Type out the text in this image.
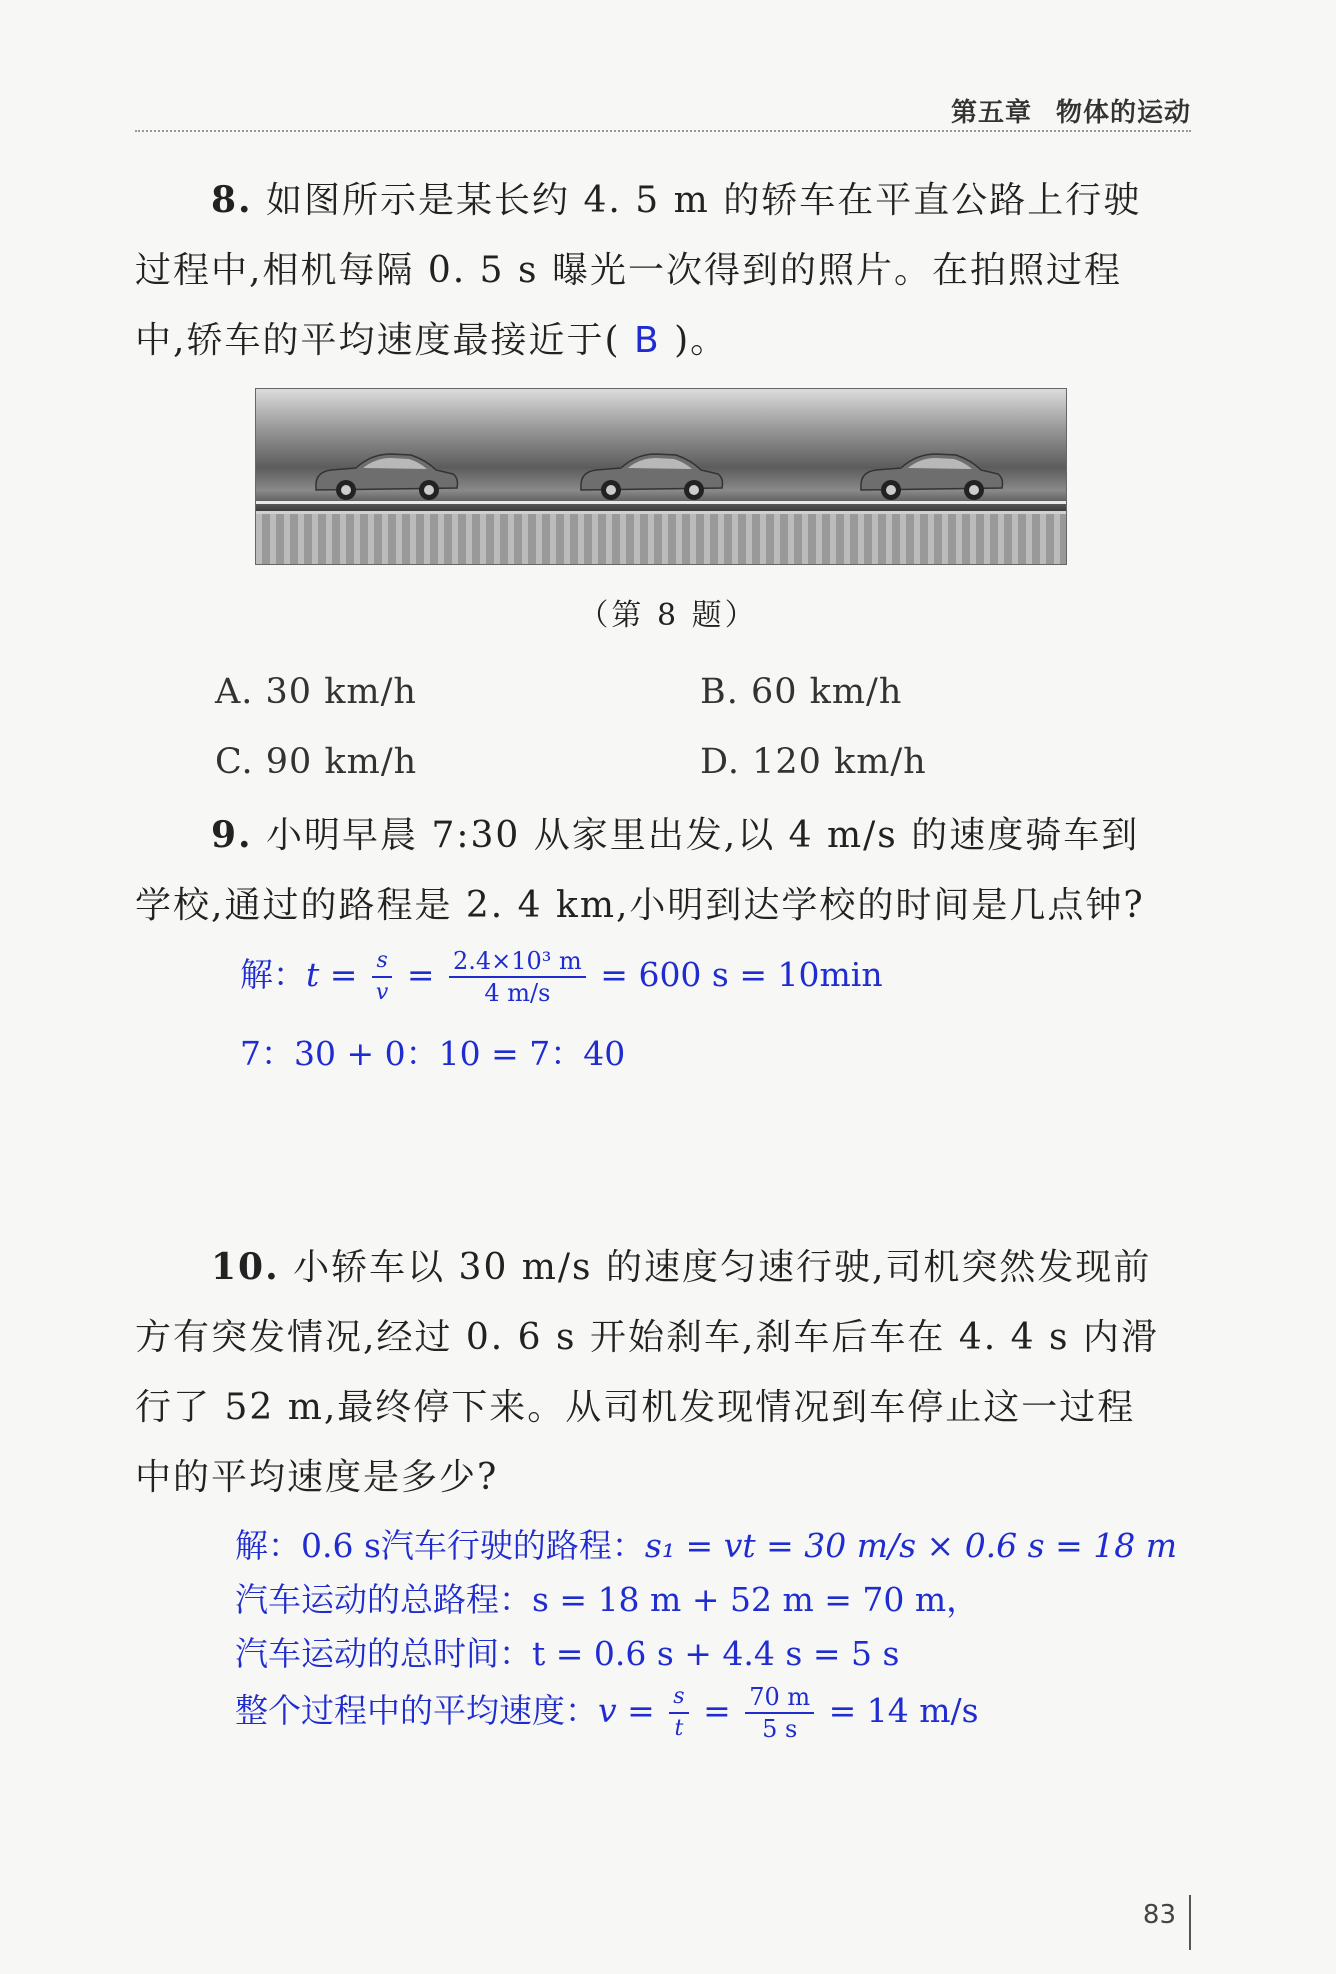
第五章 物体的运动
8. 如图所示是某长约 4. 5 m 的轿车在平直公路上行驶
过程中,相机每隔 0. 5 s 曝光一次得到的照片。在拍照过程
中,轿车的平均速度最接近于( B )。
（第 8 题）
A. 30 km/h	B. 60 km/h
C. 90 km/h	D. 120 km/h
9. 小明早晨 7:30 从家里出发,以 4 m/s 的速度骑车到
学校,通过的路程是 2. 4 km,小明到达学校的时间是几点钟?
解：$t = \frac{s}{v} = \frac{\text{2.4×10³ m}}{4 m/s} = 600$ s = 10min
7：30 + 0：10 = 7：40
10. 小轿车以 30 m/s 的速度匀速行驶,司机突然发现前
方有突发情况,经过 0. 6 s 开始刹车,刹车后车在 4. 4 s 内滑
行了 52 m,最终停下来。从司机发现情况到车停止这一过程
中的平均速度是多少?
解：0.6 s汽车行驶的路程：s₁ = vt = 30 m/s × 0.6 s = 18 m
汽车运动的总路程：s = 18 m + 52 m = 70 m，
汽车运动的总时间：t = 0.6 s + 4.4 s = 5 s
整个过程中的平均速度：$v = \frac{s}{t} = \frac{70 m}{5 s} = 14$ m/s
83
